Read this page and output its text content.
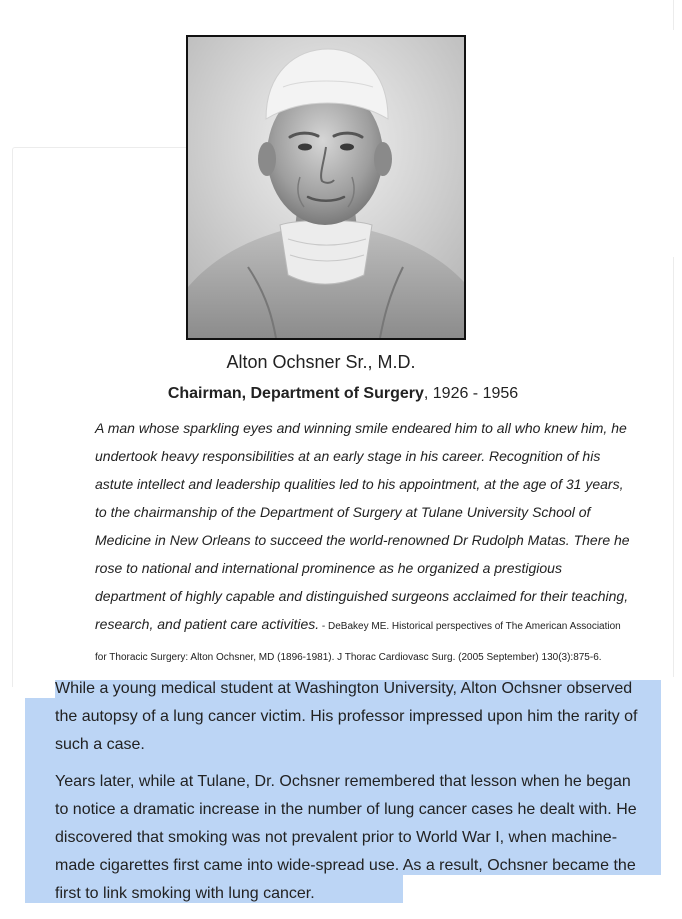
Alton Ochsner Sr., M.D.
Chairman, Department of Surgery, 1926 - 1956

A man whose sparkling eyes and winning smile endeared him to all who knew him, he undertook heavy responsibilities at an early stage in his career. Recognition of his astute intellect and leadership qualities led to his appointment, at the age of 31 years, to the chairmanship of the Department of Surgery at Tulane University School of Medicine in New Orleans to succeed the world-renowned Dr Rudolph Matas. There he rose to national and international prominence as he organized a prestigious department of highly capable and distinguished surgeons acclaimed for their teaching, research, and patient care activities. - DeBakey ME. Historical perspectives of The American Association for Thoracic Surgery: Alton Ochsner, MD (1896-1981). J Thorac Cardiovasc Surg. (2005 September) 130(3):875-6.

While a young medical student at Washington University, Alton Ochsner observed the autopsy of a lung cancer victim. His professor impressed upon him the rarity of such a case.

Years later, while at Tulane, Dr. Ochsner remembered that lesson when he began to notice a dramatic increase in the number of lung cancer cases he dealt with. He discovered that smoking was not prevalent prior to World War I, when machine-made cigarettes first came into wide-spread use. As a result, Ochsner became the first to link smoking with lung cancer.
